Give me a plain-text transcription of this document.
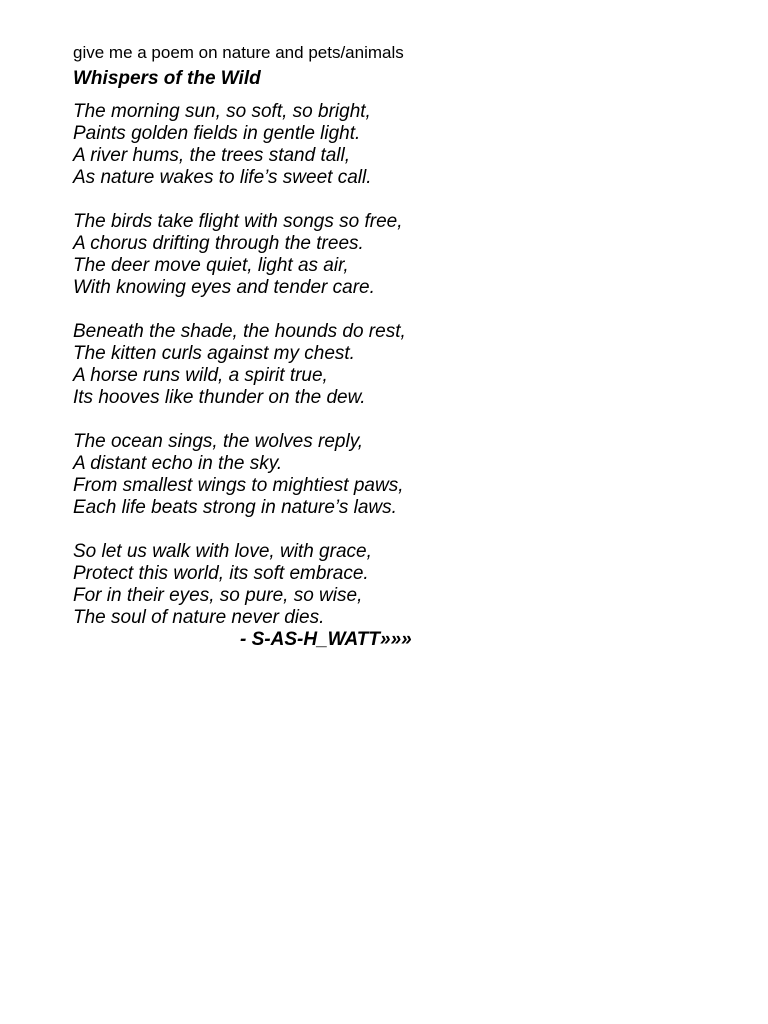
give me a poem on nature and pets/animals
Whispers of the Wild
The morning sun, so soft, so bright,
Paints golden fields in gentle light.
A river hums, the trees stand tall,
As nature wakes to life’s sweet call.
The birds take flight with songs so free,
A chorus drifting through the trees.
The deer move quiet, light as air,
With knowing eyes and tender care.
Beneath the shade, the hounds do rest,
The kitten curls against my chest.
A horse runs wild, a spirit true,
Its hooves like thunder on the dew.
The ocean sings, the wolves reply,
A distant echo in the sky.
From smallest wings to mightiest paws,
Each life beats strong in nature’s laws.
So let us walk with love, with grace,
Protect this world, its soft embrace.
For in their eyes, so pure, so wise,
The soul of nature never dies.
- S-AS-H_WATT»»»
